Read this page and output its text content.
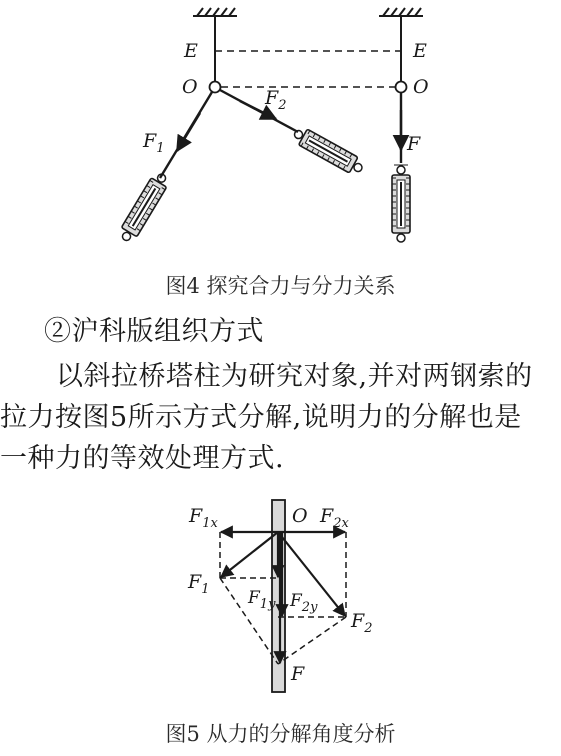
E	E
O	O
$F_1$
$F_2$
F
图4 探究合力与分力关系
②沪科版组织方式
以斜拉桥塔柱为研究对象,并对两钢索的
拉力按图5所示方式分解,说明力的分解也是
一种力的等效处理方式.
O
$F_{1x}$	$F_{2x}$
$F_1$ $F_{1y}$ $F_{2y}$
$F_2$
F
图5 从力的分解角度分析
